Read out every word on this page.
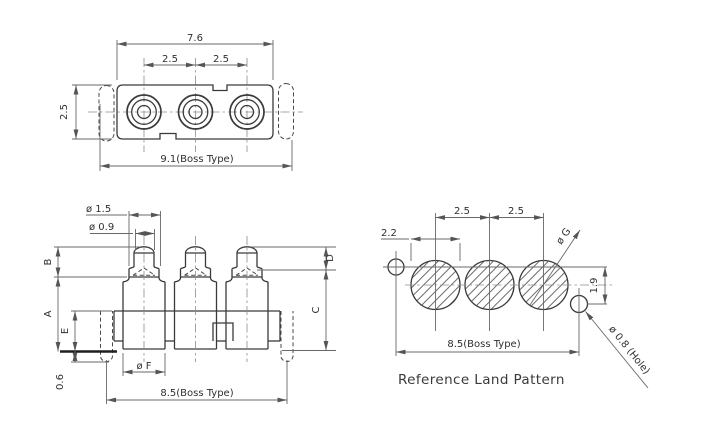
7.6
2.5	2.5
2.5
9.1(Boss Type)
ø 1.5
ø 0.9
B
A
E
0.6
ø F
8.5(Boss Type)
D
C
2.5	2.5
2.2
1.9
ø G
ø 0.8 (Hole)
8.5(Boss Type)
Reference Land Pattern
